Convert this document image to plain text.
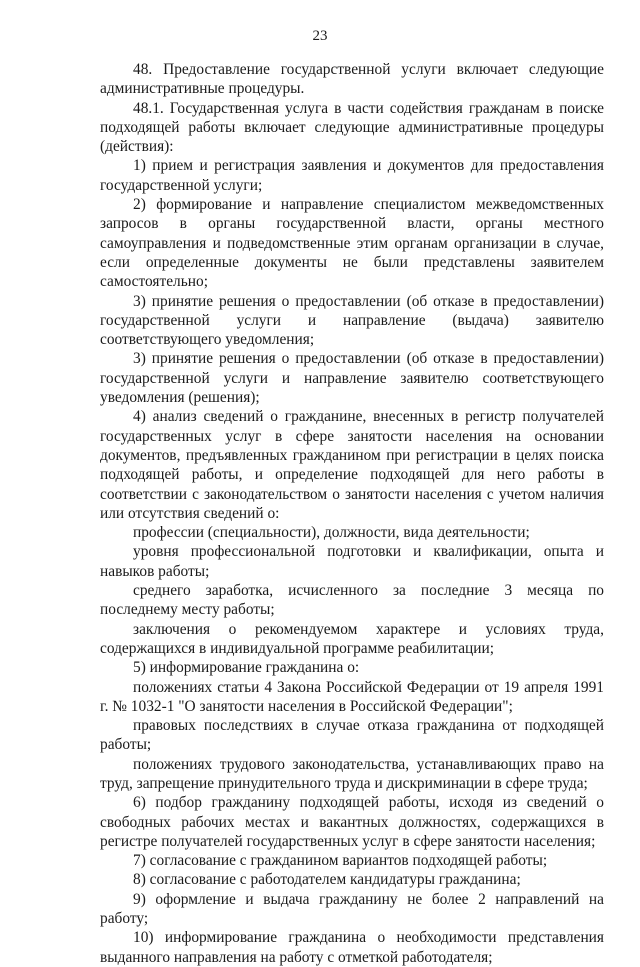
23

48. Предоставление государственной услуги включает следующие административные процедуры.

48.1. Государственная услуга в части содействия гражданам в поиске подходящей работы включает следующие административные процедуры (действия):

1) прием и регистрация заявления и документов для предоставления государственной услуги;

2) формирование и направление специалистом межведомственных запросов в органы государственной власти, органы местного самоуправления и подведомственные этим органам организации в случае, если определенные документы не были представлены заявителем самостоятельно;

3) принятие решения о предоставлении (об отказе в предоставлении) государственной услуги и направление (выдача) заявителю соответствующего уведомления;

3) принятие решения о предоставлении (об отказе в предоставлении) государственной услуги и направление заявителю соответствующего уведомления (решения);

4) анализ сведений о гражданине, внесенных в регистр получателей государственных услуг в сфере занятости населения на основании документов, предъявленных гражданином при регистрации в целях поиска подходящей работы, и определение подходящей для него работы в соответствии с законодательством о занятости населения с учетом наличия или отсутствия сведений о:

профессии (специальности), должности, вида деятельности;

уровня профессиональной подготовки и квалификации, опыта и навыков работы;

среднего заработка, исчисленного за последние 3 месяца по последнему месту работы;

заключения о рекомендуемом характере и условиях труда, содержащихся в индивидуальной программе реабилитации;

5) информирование гражданина о:

положениях статьи 4 Закона Российской Федерации от 19 апреля 1991 г. № 1032-1 "О занятости населения в Российской Федерации";

правовых последствиях в случае отказа гражданина от подходящей работы;

положениях трудового законодательства, устанавливающих право на труд, запрещение принудительного труда и дискриминации в сфере труда;

6) подбор гражданину подходящей работы, исходя из сведений о свободных рабочих местах и вакантных должностях, содержащихся в регистре получателей государственных услуг в сфере занятости населения;

7) согласование с гражданином вариантов подходящей работы;

8) согласование с работодателем кандидатуры гражданина;

9) оформление и выдача гражданину не более 2 направлений на работу;

10) информирование гражданина о необходимости представления выданного направления на работу с отметкой работодателя;
